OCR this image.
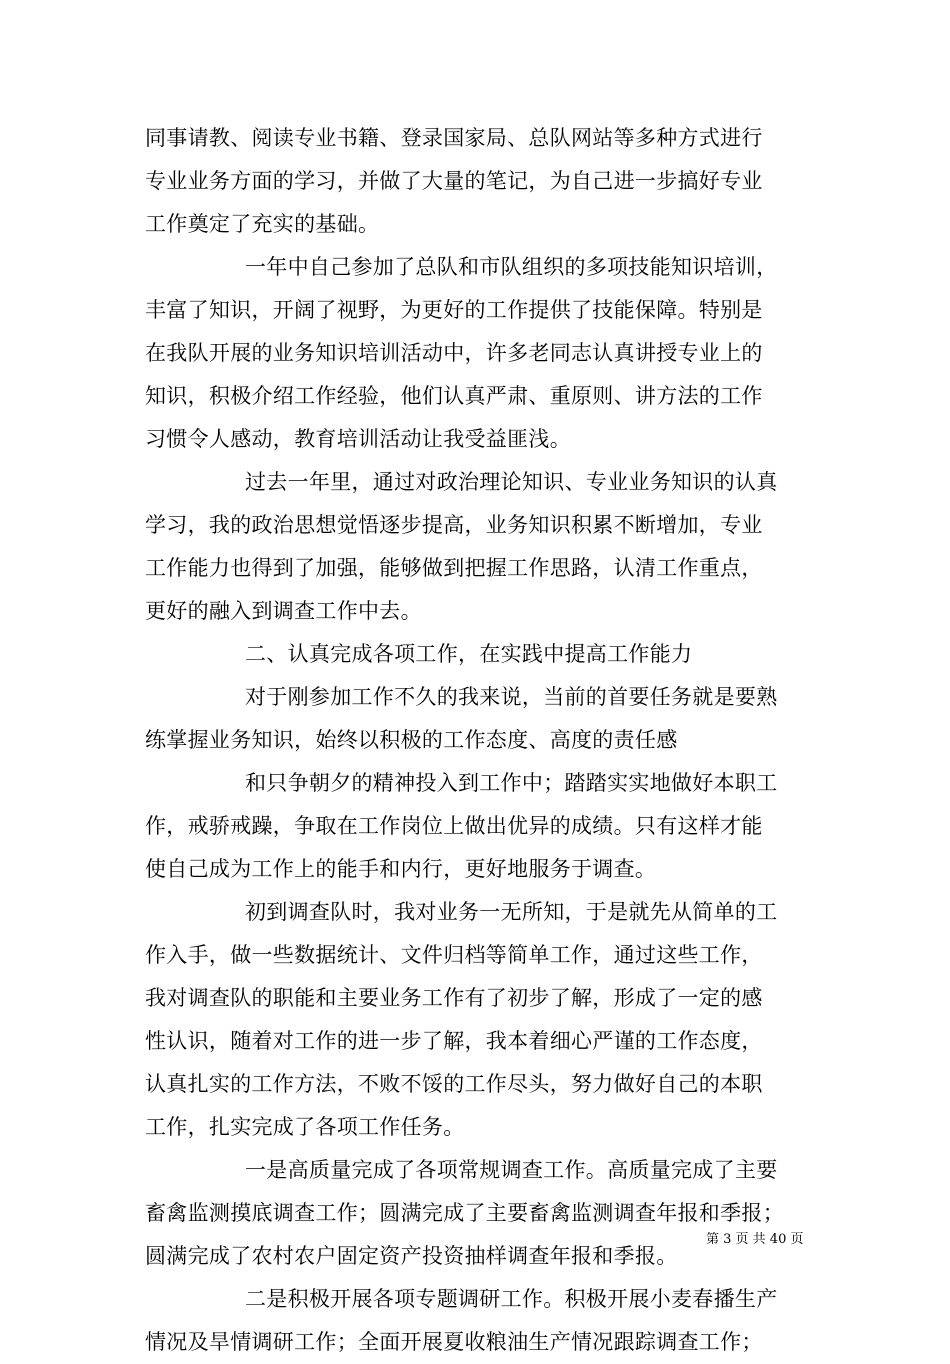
同事请教、阅读专业书籍、登录国家局、总队网站等多种方式进行
专业业务方面的学习，并做了大量的笔记，为自己进一步搞好专业
工作奠定了充实的基础。
一年中自己参加了总队和市队组织的多项技能知识培训，
丰富了知识，开阔了视野，为更好的工作提供了技能保障。特别是
在我队开展的业务知识培训活动中，许多老同志认真讲授专业上的
知识，积极介绍工作经验，他们认真严肃、重原则、讲方法的工作
习惯令人感动，教育培训活动让我受益匪浅。
过去一年里，通过对政治理论知识、专业业务知识的认真
学习，我的政治思想觉悟逐步提高，业务知识积累不断增加，专业
工作能力也得到了加强，能够做到把握工作思路，认清工作重点，
更好的融入到调查工作中去。
二、认真完成各项工作，在实践中提高工作能力
对于刚参加工作不久的我来说，当前的首要任务就是要熟
练掌握业务知识，始终以积极的工作态度、高度的责任感
和只争朝夕的精神投入到工作中；踏踏实实地做好本职工
作，戒骄戒躁，争取在工作岗位上做出优异的成绩。只有这样才能
使自己成为工作上的能手和内行，更好地服务于调查。
初到调查队时，我对业务一无所知，于是就先从简单的工
作入手，做一些数据统计、文件归档等简单工作，通过这些工作，
我对调查队的职能和主要业务工作有了初步了解，形成了一定的感
性认识，随着对工作的进一步了解，我本着细心严谨的工作态度，
认真扎实的工作方法，不败不馁的工作尽头，努力做好自己的本职
工作，扎实完成了各项工作任务。
一是高质量完成了各项常规调查工作。高质量完成了主要
畜禽监测摸底调查工作；圆满完成了主要畜禽监测调查年报和季报；
圆满完成了农村农户固定资产投资抽样调查年报和季报。
二是积极开展各项专题调研工作。积极开展小麦春播生产
情况及旱情调研工作；全面开展夏收粮油生产情况跟踪调查工作；
第 3 页 共 40 页
